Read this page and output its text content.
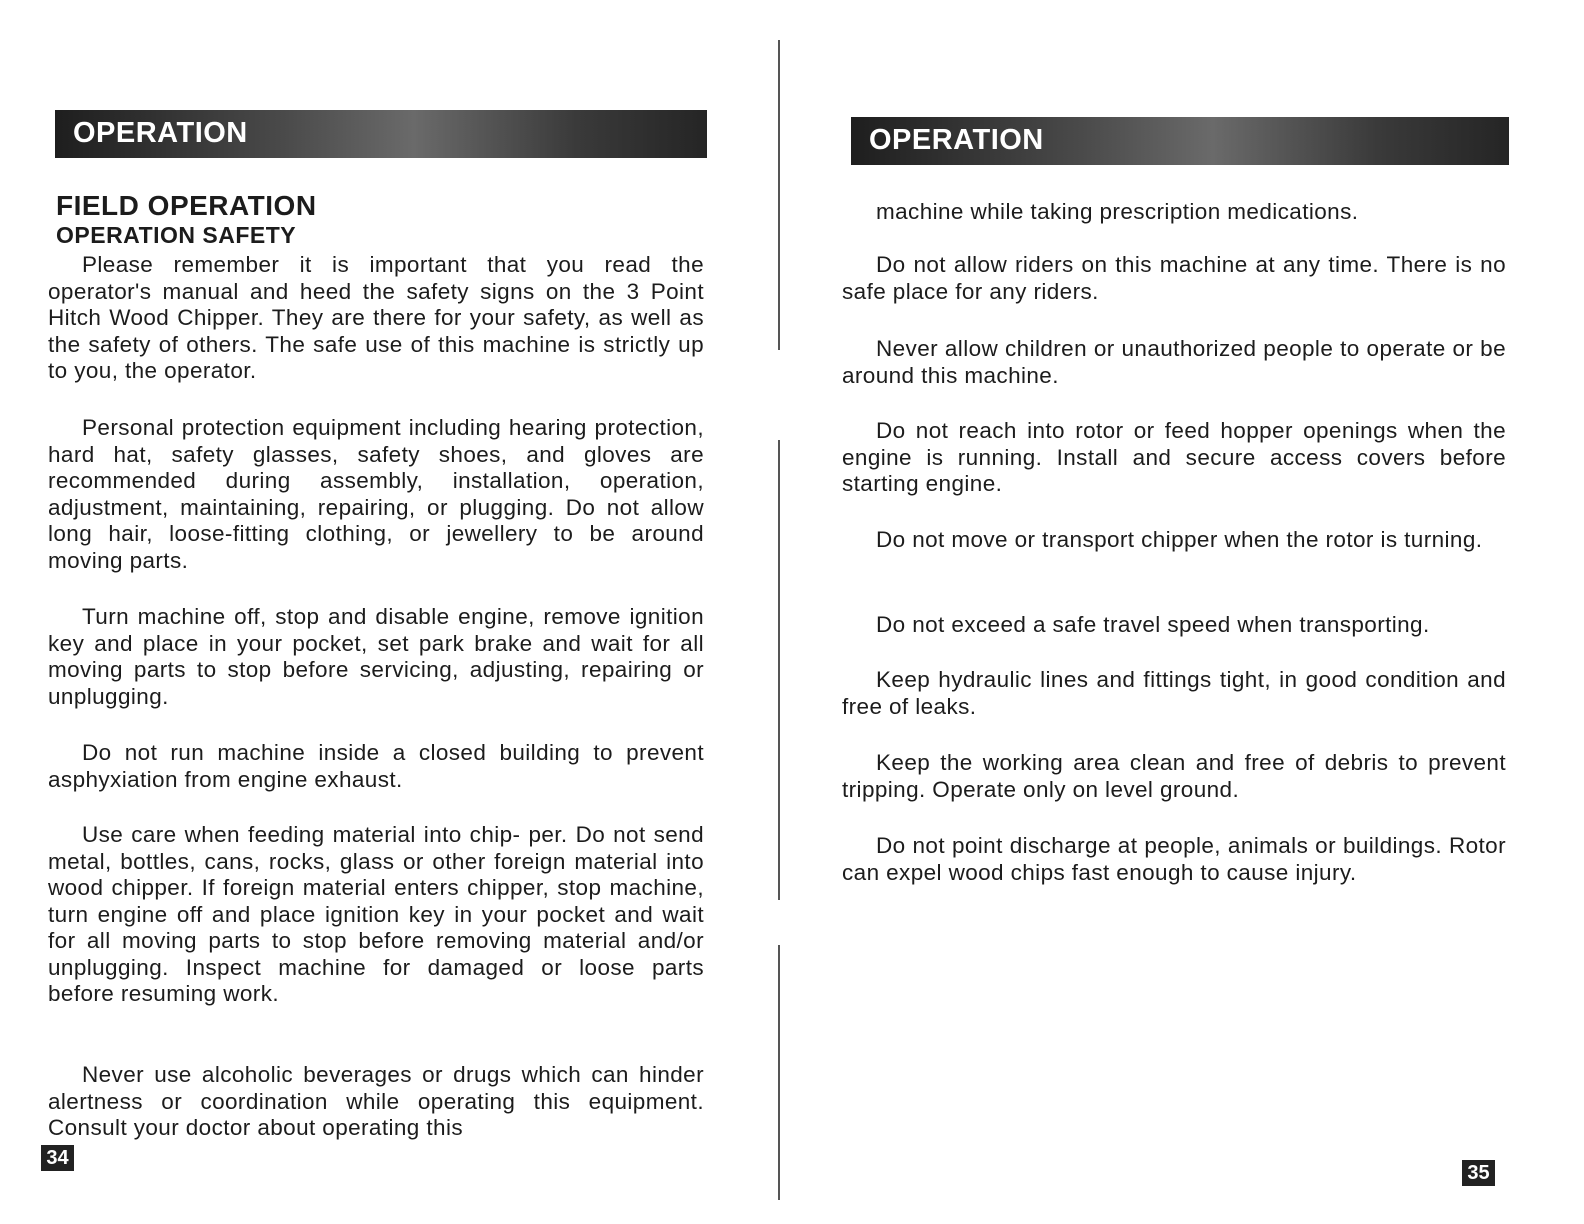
OPERATION
FIELD OPERATION
OPERATION SAFETY

Please remember it is important that you read the operator's manual and heed the safety signs on the 3 Point Hitch Wood Chipper. They are there for your safety, as well as the safety of others. The safe use of this machine is strictly up to you, the operator.

Personal protection equipment including hearing protection, hard hat, safety glasses, safety shoes, and gloves are recommended during assembly, installation, operation, adjustment, maintaining, repairing, or plugging. Do not allow long hair, loose-fitting clothing, or jewellery to be around moving parts.

Turn machine off, stop and disable engine, remove ignition key and place in your pocket, set park brake and wait for all moving parts to stop before servicing, adjusting, repairing or unplugging.

Do not run machine inside a closed building to prevent asphyxiation from engine exhaust.

Use care when feeding material into chip- per. Do not send metal, bottles, cans, rocks, glass or other foreign material into wood chipper. If foreign material enters chipper, stop machine, turn engine off and place ignition key in your pocket and wait for all moving parts to stop before removing material and/or unplugging. Inspect machine for damaged or loose parts before resuming work.

Never use alcoholic beverages or drugs which can hinder alertness or coordination while operating this equipment. Consult your doctor about operating this

34
OPERATION

machine while taking prescription medications.

Do not allow riders on this machine at any time. There is no safe place for any riders.

Never allow children or unauthorized people to operate or be around this machine.

Do not reach into rotor or feed hopper openings when the engine is running. Install and secure access covers before starting engine.

Do not move or transport chipper when the rotor is turning.

Do not exceed a safe travel speed when transporting.

Keep hydraulic lines and fittings tight, in good condition and free of leaks.

Keep the working area clean and free of debris to prevent tripping. Operate only on level ground.

Do not point discharge at people, animals or buildings. Rotor can expel wood chips fast enough to cause injury.

35
